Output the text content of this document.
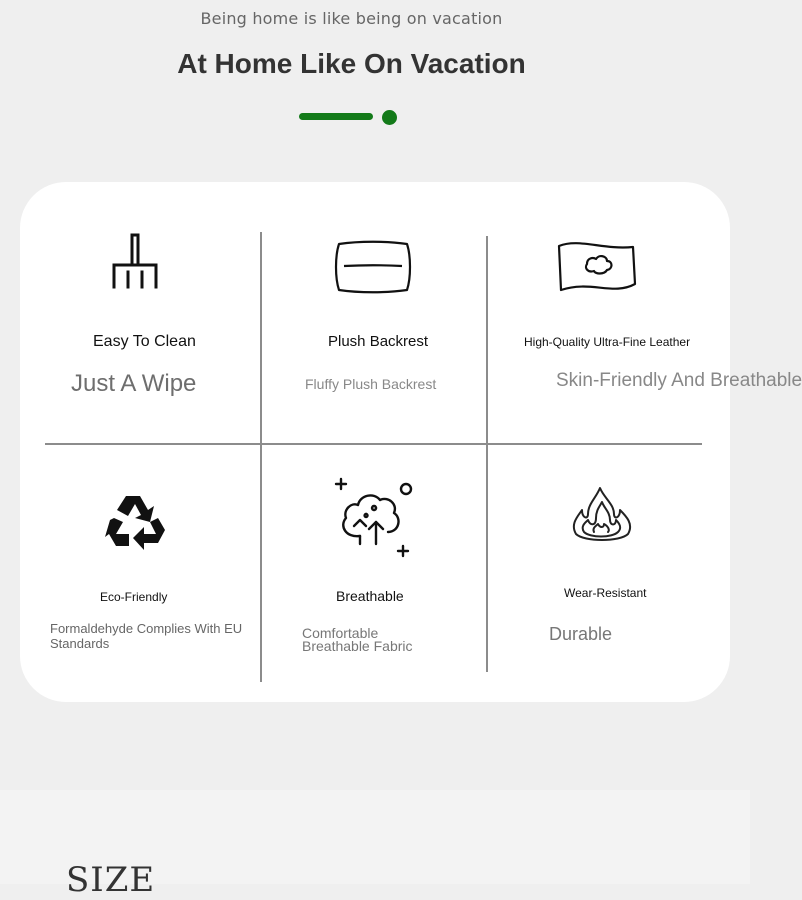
Being home is like being on vacation
At Home Like On Vacation
Easy To Clean
Just A Wipe
Plush Backrest
Fluffy Plush Backrest
High-Quality Ultra-Fine Leather
Skin-Friendly And Breathable
Eco-Friendly
Formaldehyde Complies With EU
Standards
Breathable
Comfortable
Breathable Fabric
Wear-Resistant
Durable
SIZE
